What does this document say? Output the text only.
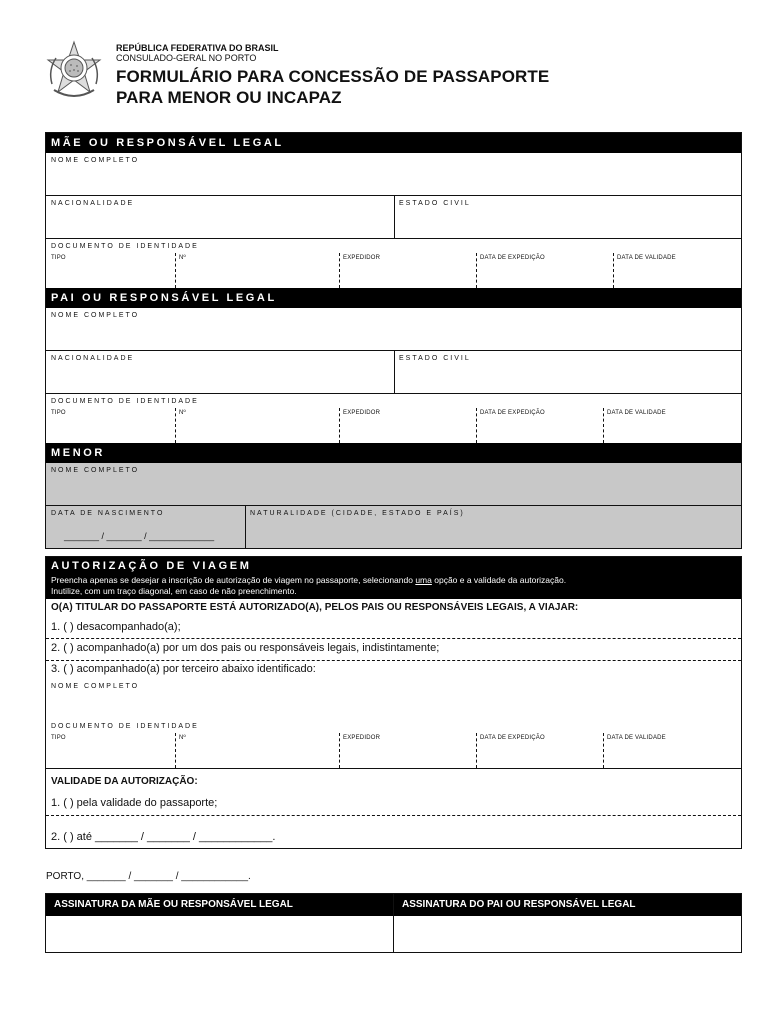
REPÚBLICA FEDERATIVA DO BRASIL
CONSULADO-GERAL NO PORTO
FORMULÁRIO PARA CONCESSÃO DE PASSAPORTE
PARA MENOR OU INCAPAZ
MÃE OU RESPONSÁVEL LEGAL
NOME COMPLETO
NACIONALIDADE	ESTADO CIVIL
DOCUMENTO DE IDENTIDADE
TIPO	Nº	EXPEDIDOR	DATA DE EXPEDIÇÃO	DATA DE VALIDADE
PAI OU RESPONSÁVEL LEGAL
NOME COMPLETO
NACIONALIDADE	ESTADO CIVIL
DOCUMENTO DE IDENTIDADE
TIPO	Nº	EXPEDIDOR	DATA DE EXPEDIÇÃO	DATA DE VALIDADE
MENOR
NOME COMPLETO
DATA DE NASCIMENTO
_______ / _______ / _____________
NATURALIDADE (CIDADE, ESTADO E PAÍS)
AUTORIZAÇÃO DE VIAGEM
Preencha apenas se desejar a inscrição de autorização de viagem no passaporte, selecionando uma opção e a validade da autorização.
Inutilize, com um traço diagonal, em caso de não preenchimento.
O(A) TITULAR DO PASSAPORTE ESTÁ AUTORIZADO(A), PELOS PAIS OU RESPONSÁVEIS LEGAIS, A VIAJAR:
1. ( ) desacompanhado(a);
2. ( ) acompanhado(a) por um dos pais ou responsáveis legais, indistintamente;
3. ( ) acompanhado(a) por terceiro abaixo identificado:
NOME COMPLETO
DOCUMENTO DE IDENTIDADE
TIPO	Nº	EXPEDIDOR	DATA DE EXPEDIÇÃO	DATA DE VALIDADE
VALIDADE DA AUTORIZAÇÃO:
1. ( ) pela validade do passaporte;
2. ( ) até _______ / _______ / ____________.
PORTO, _______ / _______ / ____________.
ASSINATURA DA MÃE OU RESPONSÁVEL LEGAL	ASSINATURA DO PAI OU RESPONSÁVEL LEGAL
